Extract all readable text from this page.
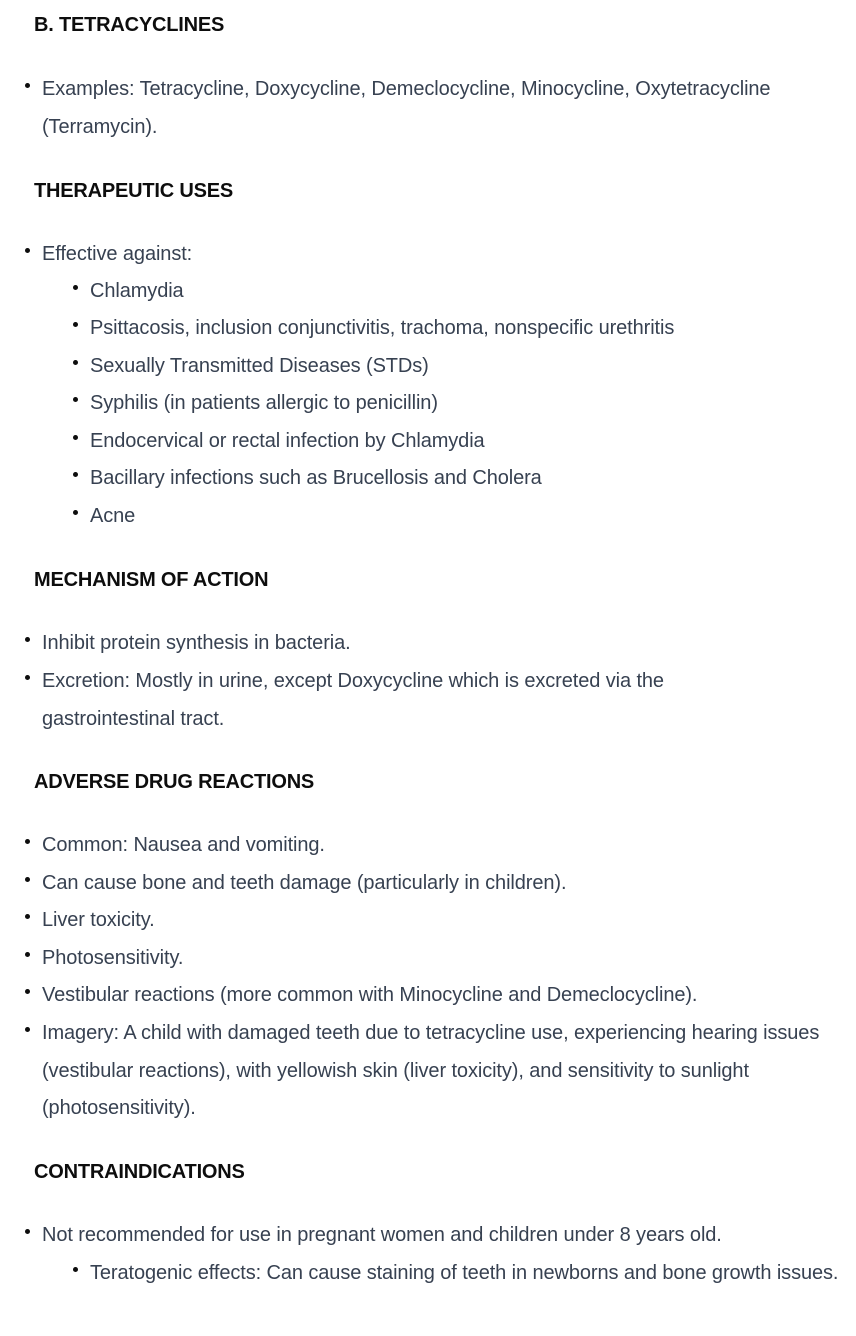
B. TETRACYCLINES

Examples: Tetracycline, Doxycycline, Demeclocycline, Minocycline, Oxytetracycline (Terramycin).

THERAPEUTIC USES

Effective against:

Chlamydia

Psittacosis, inclusion conjunctivitis, trachoma, nonspecific urethritis

Sexually Transmitted Diseases (STDs)

Syphilis (in patients allergic to penicillin)

Endocervical or rectal infection by Chlamydia

Bacillary infections such as Brucellosis and Cholera

Acne

MECHANISM OF ACTION

Inhibit protein synthesis in bacteria.

Excretion: Mostly in urine, except Doxycycline which is excreted via the gastrointestinal tract.

ADVERSE DRUG REACTIONS

Common: Nausea and vomiting.

Can cause bone and teeth damage (particularly in children).

Liver toxicity.

Photosensitivity.

Vestibular reactions (more common with Minocycline and Demeclocycline).

Imagery: A child with damaged teeth due to tetracycline use, experiencing hearing issues (vestibular reactions), with yellowish skin (liver toxicity), and sensitivity to sunlight (photosensitivity).

CONTRAINDICATIONS

Not recommended for use in pregnant women and children under 8 years old.

Teratogenic effects: Can cause staining of teeth in newborns and bone growth issues.
